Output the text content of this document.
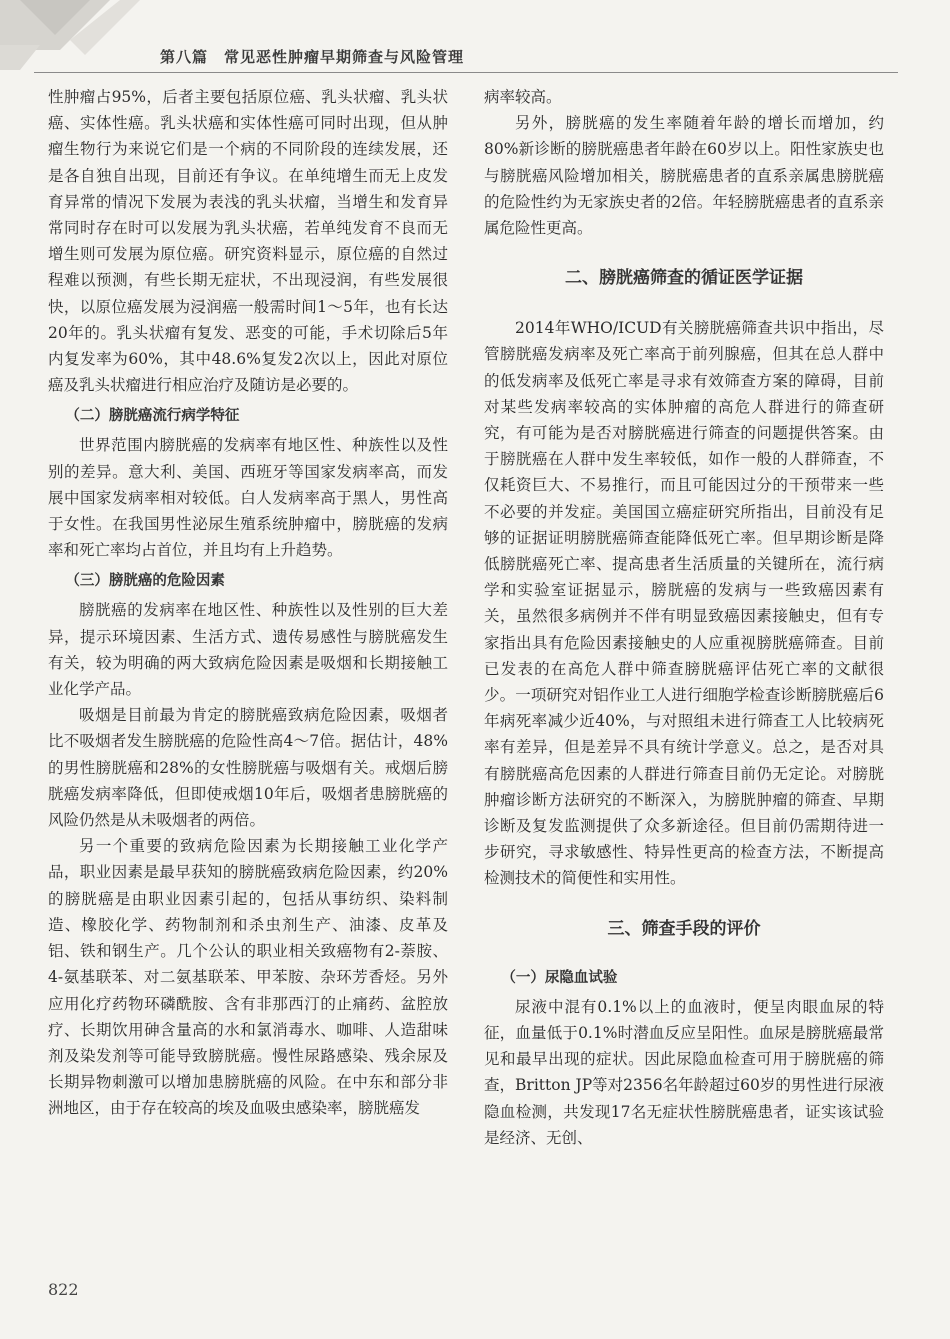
第八篇　常见恶性肿瘤早期筛查与风险管理

性肿瘤占95%，后者主要包括原位癌、乳头状瘤、乳头状癌、实体性癌。乳头状癌和实体性癌可同时出现，但从肿瘤生物行为来说它们是一个病的不同阶段的连续发展，还是各自独自出现，目前还有争议。在单纯增生而无上皮发育异常的情况下发展为表浅的乳头状瘤，当增生和发育异常同时存在时可以发展为乳头状癌，若单纯发育不良而无增生则可发展为原位癌。研究资料显示，原位癌的自然过程难以预测，有些长期无症状，不出现浸润，有些发展很快，以原位癌发展为浸润癌一般需时间1～5年，也有长达20年的。乳头状瘤有复发、恶变的可能，手术切除后5年内复发率为60%，其中48.6%复发2次以上，因此对原位癌及乳头状瘤进行相应治疗及随访是必要的。

（二）膀胱癌流行病学特征

世界范围内膀胱癌的发病率有地区性、种族性以及性别的差异。意大利、美国、西班牙等国家发病率高，而发展中国家发病率相对较低。白人发病率高于黑人，男性高于女性。在我国男性泌尿生殖系统肿瘤中，膀胱癌的发病率和死亡率均占首位，并且均有上升趋势。

（三）膀胱癌的危险因素

膀胱癌的发病率在地区性、种族性以及性别的巨大差异，提示环境因素、生活方式、遗传易感性与膀胱癌发生有关，较为明确的两大致病危险因素是吸烟和长期接触工业化学产品。

吸烟是目前最为肯定的膀胱癌致病危险因素，吸烟者比不吸烟者发生膀胱癌的危险性高4～7倍。据估计，48%的男性膀胱癌和28%的女性膀胱癌与吸烟有关。戒烟后膀胱癌发病率降低，但即使戒烟10年后，吸烟者患膀胱癌的风险仍然是从未吸烟者的两倍。

另一个重要的致病危险因素为长期接触工业化学产品，职业因素是最早获知的膀胱癌致病危险因素，约20%的膀胱癌是由职业因素引起的，包括从事纺织、染料制造、橡胶化学、药物制剂和杀虫剂生产、油漆、皮革及铝、铁和钢生产。几个公认的职业相关致癌物有2-萘胺、4-氨基联苯、对二氨基联苯、甲苯胺、杂环芳香烃。另外应用化疗药物环磷酰胺、含有非那西汀的止痛药、盆腔放疗、长期饮用砷含量高的水和氯消毒水、咖啡、人造甜味剂及染发剂等可能导致膀胱癌。慢性尿路感染、残余尿及长期异物刺激可以增加患膀胱癌的风险。在中东和部分非洲地区，由于存在较高的埃及血吸虫感染率，膀胱癌发

病率较高。

另外，膀胱癌的发生率随着年龄的增长而增加，约80%新诊断的膀胱癌患者年龄在60岁以上。阳性家族史也与膀胱癌风险增加相关，膀胱癌患者的直系亲属患膀胱癌的危险性约为无家族史者的2倍。年轻膀胱癌患者的直系亲属危险性更高。

二、膀胱癌筛查的循证医学证据

2014年WHO/ICUD有关膀胱癌筛查共识中指出，尽管膀胱癌发病率及死亡率高于前列腺癌，但其在总人群中的低发病率及低死亡率是寻求有效筛查方案的障碍，目前对某些发病率较高的实体肿瘤的高危人群进行的筛查研究，有可能为是否对膀胱癌进行筛查的问题提供答案。由于膀胱癌在人群中发生率较低，如作一般的人群筛查，不仅耗资巨大、不易推行，而且可能因过分的干预带来一些不必要的并发症。美国国立癌症研究所指出，目前没有足够的证据证明膀胱癌筛查能降低死亡率。但早期诊断是降低膀胱癌死亡率、提高患者生活质量的关键所在，流行病学和实验室证据显示，膀胱癌的发病与一些致癌因素有关，虽然很多病例并不伴有明显致癌因素接触史，但有专家指出具有危险因素接触史的人应重视膀胱癌筛查。目前已发表的在高危人群中筛查膀胱癌评估死亡率的文献很少。一项研究对铝作业工人进行细胞学检查诊断膀胱癌后6年病死率减少近40%，与对照组未进行筛查工人比较病死率有差异，但是差异不具有统计学意义。总之，是否对具有膀胱癌高危因素的人群进行筛查目前仍无定论。对膀胱肿瘤诊断方法研究的不断深入，为膀胱肿瘤的筛查、早期诊断及复发监测提供了众多新途径。但目前仍需期待进一步研究，寻求敏感性、特异性更高的检查方法，不断提高检测技术的简便性和实用性。

三、筛查手段的评价
（一）尿隐血试验

尿液中混有0.1%以上的血液时，便呈肉眼血尿的特征，血量低于0.1%时潜血反应呈阳性。血尿是膀胱癌最常见和最早出现的症状。因此尿隐血检查可用于膀胱癌的筛查，Britton JP等对2356名年龄超过60岁的男性进行尿液隐血检测，共发现17名无症状性膀胱癌患者，证实该试验是经济、无创、

822
